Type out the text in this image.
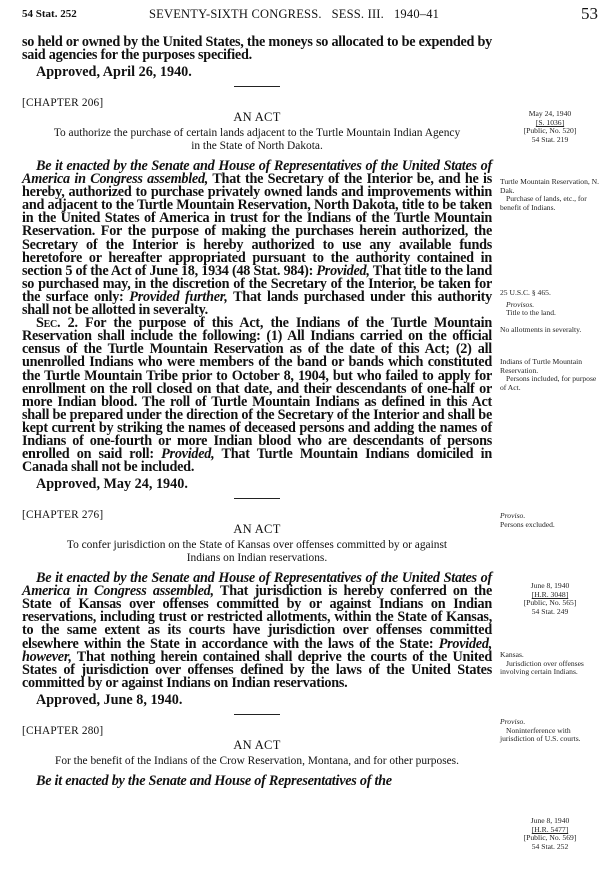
54 Stat. 252	SEVENTY-SIXTH CONGRESS.   SESS. III.   1940–41	53

so held or owned by the United States, the moneys so allocated to be expended by said agencies for the purposes specified.

Approved, April 26, 1940.

[CHAPTER 206]

AN ACT

To authorize the purchase of certain lands adjacent to the Turtle Mountain Indian Agency in the State of North Dakota.

Be it enacted by the Senate and House of Representatives of the United States of America in Congress assembled, That the Secretary of the Interior be, and he is hereby, authorized to purchase privately owned lands and improvements within and adjacent to the Turtle Mountain Reservation, North Dakota, title to be taken in the United States of America in trust for the Indians of the Turtle Mountain Reservation. For the purpose of making the purchases herein authorized, the Secretary of the Interior is hereby authorized to use any available funds heretofore or hereafter appropriated pursuant to the authority contained in section 5 of the Act of June 18, 1934 (48 Stat. 984): Provided, That title to the land so purchased may, in the discretion of the Secretary of the Interior, be taken for the surface only: Provided further, That lands purchased under this authority shall not be allotted in severalty.
Sec. 2. For the purpose of this Act, the Indians of the Turtle Mountain Reservation shall include the following: (1) All Indians carried on the official census of the Turtle Mountain Reservation as of the date of this Act; (2) all unenrolled Indians who were members of the band or bands which constituted the Turtle Mountain Tribe prior to October 8, 1904, but who failed to apply for enrollment on the roll closed on that date, and their descendants of one-half or more Indian blood. The roll of Turtle Mountain Indians as defined in this Act shall be prepared under the direction of the Secretary of the Interior and shall be kept current by striking the names of deceased persons and adding the names of Indians of one-fourth or more Indian blood who are descendants of persons enrolled on said roll: Provided, That Turtle Mountain Indians domiciled in Canada shall not be included.

Approved, May 24, 1940.

[CHAPTER 276]

AN ACT

To confer jurisdiction on the State of Kansas over offenses committed by or against Indians on Indian reservations.

Be it enacted by the Senate and House of Representatives of the United States of America in Congress assembled, That jurisdiction is hereby conferred on the State of Kansas over offenses committed by or against Indians on Indian reservations, including trust or restricted allotments, within the State of Kansas, to the same extent as its courts have jurisdiction over offenses committed elsewhere within the State in accordance with the laws of the State: Provided, however, That nothing herein contained shall deprive the courts of the United States of jurisdiction over offenses defined by the laws of the United States committed by or against Indians on Indian reservations.

Approved, June 8, 1940.

[CHAPTER 280]

AN ACT

For the benefit of the Indians of the Crow Reservation, Montana, and for other purposes.

Be it enacted by the Senate and House of Representatives of the
May 24, 1940
[S. 1036]
[Public, No. 520]
54 Stat. 219
Turtle Mountain Reservation, N. Dak.
Purchase of lands, etc., for benefit of Indians.
25 U.S.C. § 465.
Provisos.
Title to the land.
No allotments in severalty.
Indians of Turtle Mountain Reservation.
Persons included, for purpose of Act.
Proviso.
Persons excluded.
June 8, 1940
[H.R. 3048]
[Public, No. 565]
54 Stat. 249
Kansas.
Jurisdiction over offenses involving certain Indians.
Proviso.
Noninterference with jurisdiction of U.S. courts.
June 8, 1940
[H.R. 5477]
[Public, No. 569]
54 Stat. 252
